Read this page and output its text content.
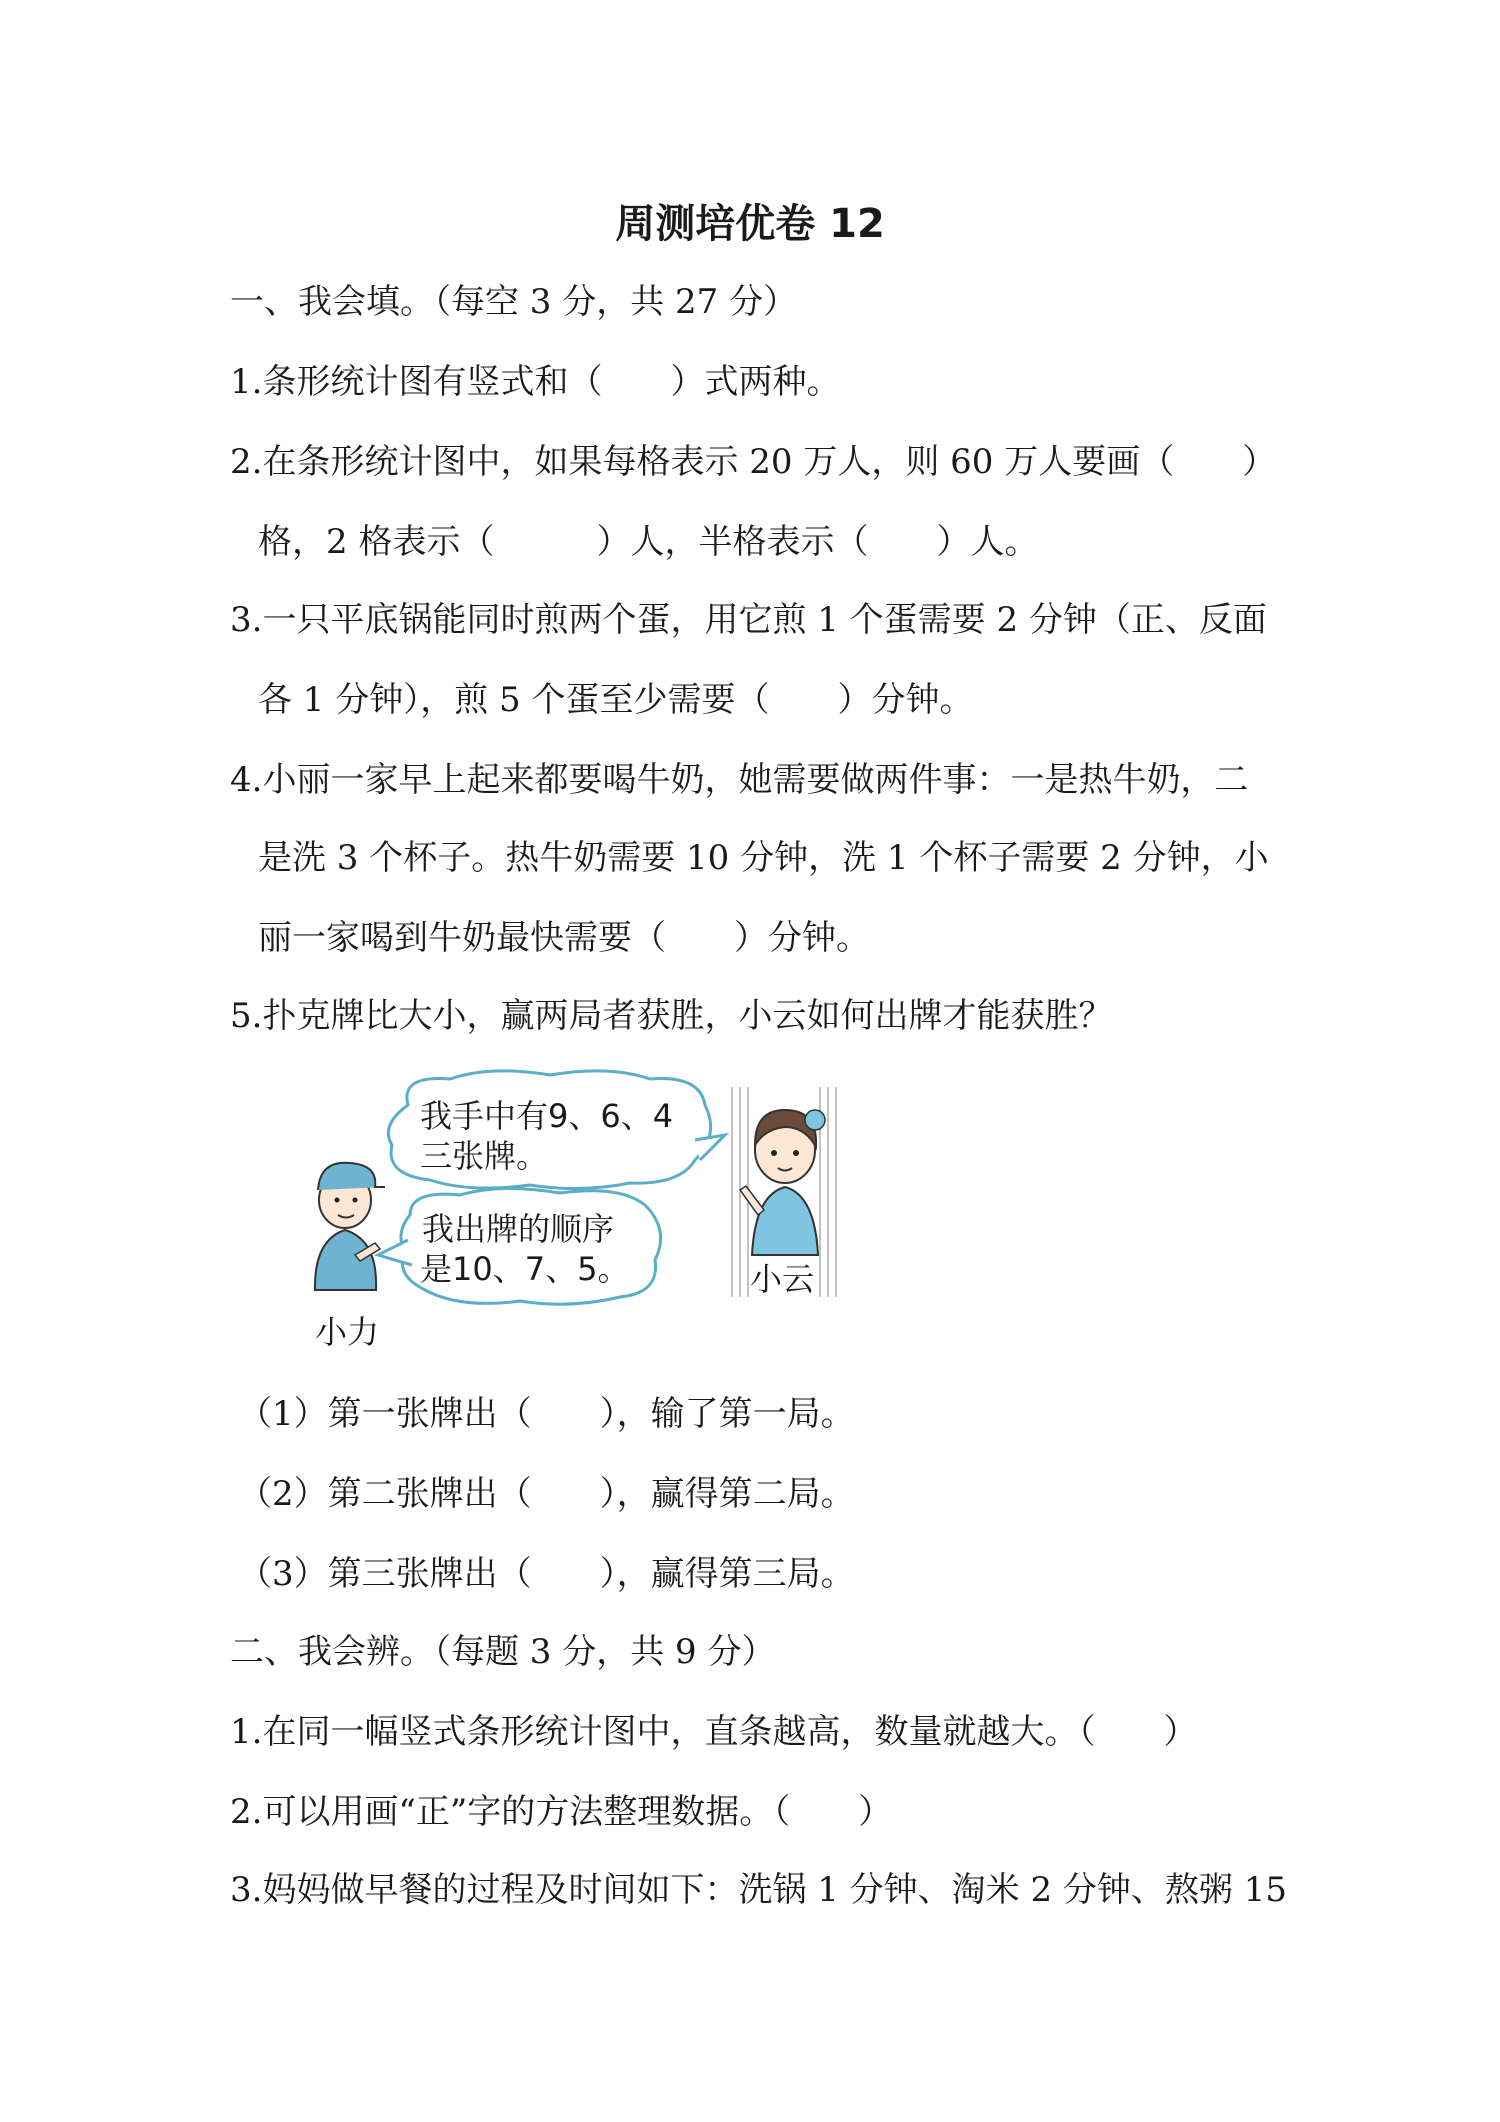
周测培优卷 12
一、我会填。（每空 3 分，共 27 分）
1.条形统计图有竖式和（　　）式两种。
2.在条形统计图中，如果每格表示 20 万人，则 60 万人要画（　　）
格，2 格表示（　　　）人，半格表示（　　）人。
3.一只平底锅能同时煎两个蛋，用它煎 1 个蛋需要 2 分钟（正、反面
各 1 分钟），煎 5 个蛋至少需要（　　）分钟。
4.小丽一家早上起来都要喝牛奶，她需要做两件事：一是热牛奶，二
是洗 3 个杯子。热牛奶需要 10 分钟，洗 1 个杯子需要 2 分钟，小
丽一家喝到牛奶最快需要（　　）分钟。
5.扑克牌比大小，赢两局者获胜，小云如何出牌才能获胜？
我手中有9、6、4
三张牌。
我出牌的顺序
是10、7、5。
小力
小云
（1）第一张牌出（　　），输了第一局。
（2）第二张牌出（　　），赢得第二局。
（3）第三张牌出（　　），赢得第三局。
二、我会辨。（每题 3 分，共 9 分）
1.在同一幅竖式条形统计图中，直条越高，数量就越大。（　　）
2.可以用画“正”字的方法整理数据。（　　）
3.妈妈做早餐的过程及时间如下：洗锅 1 分钟、淘米 2 分钟、熬粥 15
